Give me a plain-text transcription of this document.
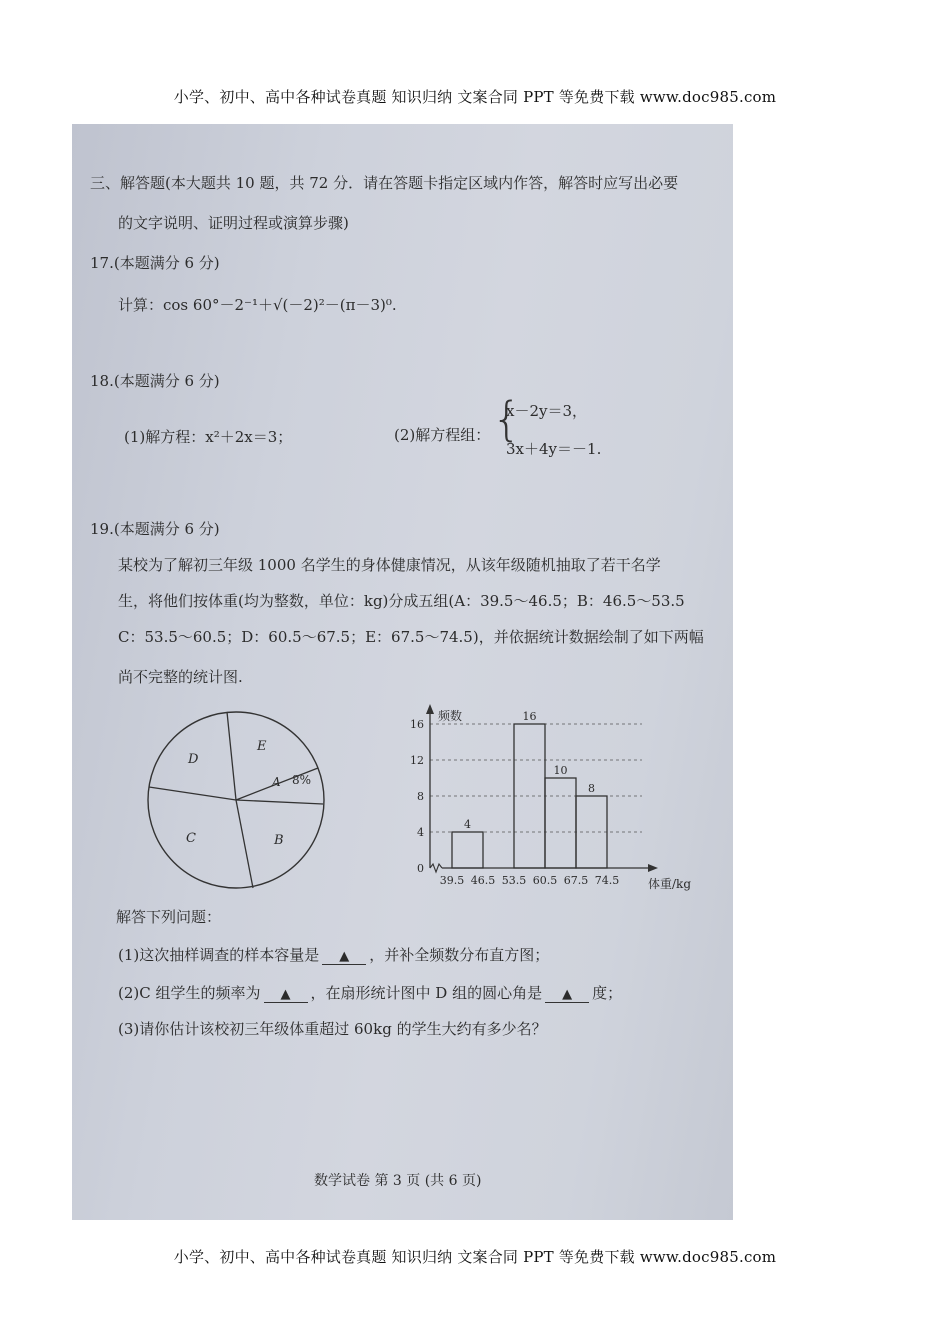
小学、初中、高中各种试卷真题 知识归纳 文案合同 PPT 等免费下载 www.doc985.com
三、解答题(本大题共 10 题，共 72 分．请在答题卡指定区域内作答，解答时应写出必要
的文字说明、证明过程或演算步骤)
17.(本题满分 6 分)
计算：cos 60°－2⁻¹＋√(－2)²－(π－3)⁰.
18.(本题满分 6 分)
(1)解方程：x²＋2x＝3；	(2)解方程组： {
x－2y＝3，
3x＋4y＝－1.
19.(本题满分 6 分)
某校为了解初三年级 1000 名学生的身体健康情况，从该年级随机抽取了若干名学
生，将他们按体重(均为整数，单位：kg)分成五组(A：39.5～46.5；B：46.5～53.5
C：53.5～60.5；D：60.5～67.5；E：67.5～74.5)，并依据统计数据绘制了如下两幅
尚不完整的统计图.
D
E
A 8%
C	B
频数
体重/kg
0
4
8
12
16
39.5 46.5 53.5 60.5 67.5 74.5
4
16
10
8
解答下列问题：
(1)这次抽样调查的样本容量是 ▲ ，并补全频数分布直方图；
(2)C 组学生的频率为 ▲ ，在扇形统计图中 D 组的圆心角是 ▲ 度；
(3)请你估计该校初三年级体重超过 60kg 的学生大约有多少名？
数学试卷 第 3 页 (共 6 页)
小学、初中、高中各种试卷真题 知识归纳 文案合同 PPT 等免费下载 www.doc985.com
